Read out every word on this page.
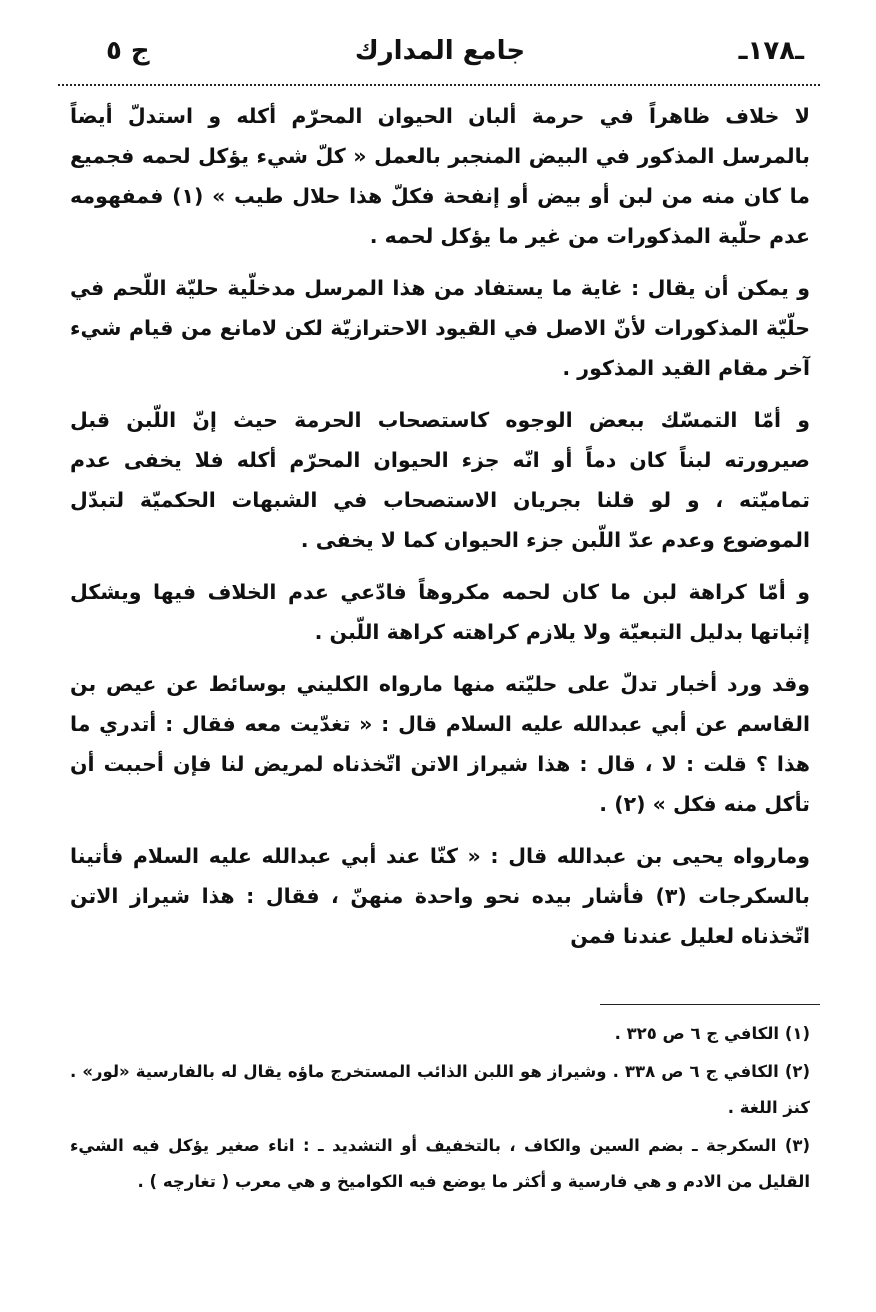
ج ٥	جامع المدارك	ـ١٧٨ـ

لا خلاف ظاهراً في حرمة ألبان الحيوان المحرّم أكله و استدلّ أيضاً بالمرسل المذكور في البيض المنجبر بالعمل « كلّ شيء يؤكل لحمه فجميع ما كان منه من لبن أو بيض أو إنفحة فكلّ هذا حلال طيب » (١) فمفهومه عدم حلّية المذكورات من غير ما يؤكل لحمه .

و يمكن أن يقال : غاية ما يستفاد من هذا المرسل مدخلّية حليّة اللّحم في حلّيّة المذكورات لأنّ الاصل في القيود الاحترازيّة لكن لامانع من قيام شيء آخر مقام القيد المذكور .

و أمّا التمسّك ببعض الوجوه كاستصحاب الحرمة حيث إنّ اللّبن قبل صيرورته لبناً كان دماً أو انّه جزء الحيوان المحرّم أكله فلا يخفى عدم تماميّته ، و لو قلنا بجريان الاستصحاب في الشبهات الحكميّة لتبدّل الموضوع وعدم عدّ اللّبن جزء الحيوان كما لا يخفى .

و أمّا كراهة لبن ما كان لحمه مكروهاً فادّعي عدم الخلاف فيها ويشكل إثباتها بدليل التبعيّة ولا يلازم كراهته كراهة اللّبن .

وقد ورد أخبار تدلّ على حليّته منها مارواه الكليني بوسائط عن عيص بن القاسم عن أبي عبدالله عليه السلام قال : « تغدّيت معه فقال : أتدري ما هذا ؟ قلت : لا ، قال : هذا شيراز الاتن اتّخذناه لمريض لنا فإن أحببت أن تأكل منه فكل » (٢) .

ومارواه يحيى بن عبدالله قال : « كنّا عند أبي عبدالله عليه السلام فأتينا بالسكرجات (٣) فأشار بيده نحو واحدة منهنّ ، فقال : هذا شيراز الاتن اتّخذناه لعليل عندنا فمن

(١) الكافي ج ٦ ص ٣٢٥ .

(٢) الكافي ج ٦ ص ٣٣٨ . وشيراز هو اللبن الذائب المستخرج ماؤه يقال له بالفارسية «لور» . كنز اللغة .

(٣) السكرجة ـ بضم السين والكاف ، بالتخفيف أو التشديد ـ : اناء صغير يؤكل فيه الشيء القليل من الادم و هي فارسية و أكثر ما يوضع فيه الكواميخ و هي معرب ( تغارچه ) .
